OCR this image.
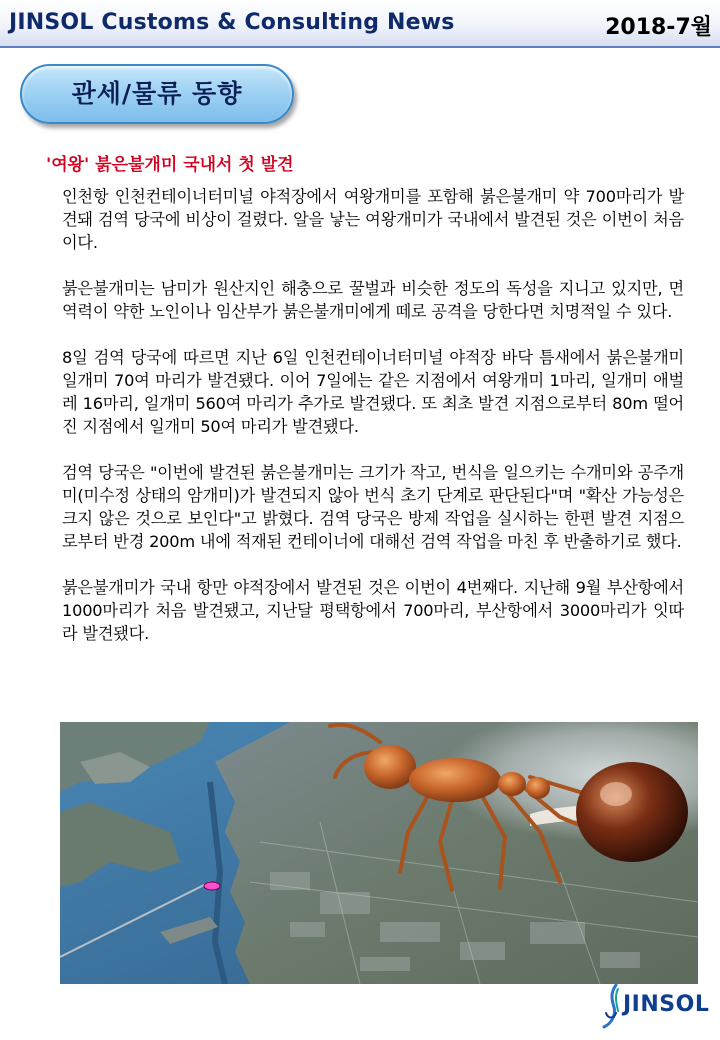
JINSOL Customs & Consulting News	2018-7월
관세/물류 동향
'여왕' 붉은불개미 국내서 첫 발견

인천항 인천컨테이너터미널 야적장에서 여왕개미를 포함해 붉은불개미 약 700마리가 발견돼 검역 당국에 비상이 걸렸다. 알을 낳는 여왕개미가 국내에서 발견된 것은 이번이 처음이다.

붉은불개미는 남미가 원산지인 해충으로 꿀벌과 비슷한 정도의 독성을 지니고 있지만, 면역력이 약한 노인이나 임산부가 붉은불개미에게 떼로 공격을 당한다면 치명적일 수 있다.

8일 검역 당국에 따르면 지난 6일 인천컨테이너터미널 야적장 바닥 틈새에서 붉은불개미 일개미 70여 마리가 발견됐다. 이어 7일에는 같은 지점에서 여왕개미 1마리, 일개미 애벌레 16마리, 일개미 560여 마리가 추가로 발견됐다. 또 최초 발견 지점으로부터 80m 떨어진 지점에서 일개미 50여 마리가 발견됐다.

검역 당국은 "이번에 발견된 붉은불개미는 크기가 작고, 번식을 일으키는 수개미와 공주개미(미수정 상태의 암개미)가 발견되지 않아 번식 초기 단계로 판단된다"며 "확산 가능성은 크지 않은 것으로 보인다"고 밝혔다. 검역 당국은 방제 작업을 실시하는 한편 발견 지점으로부터 반경 200m 내에 적재된 컨테이너에 대해선 검역 작업을 마친 후 반출하기로 했다.

붉은불개미가 국내 항만 야적장에서 발견된 것은 이번이 4번째다. 지난해 9월 부산항에서 1000마리가 처음 발견됐고, 지난달 평택항에서 700마리, 부산항에서 3000마리가 잇따라 발견됐다.

JINSOL
